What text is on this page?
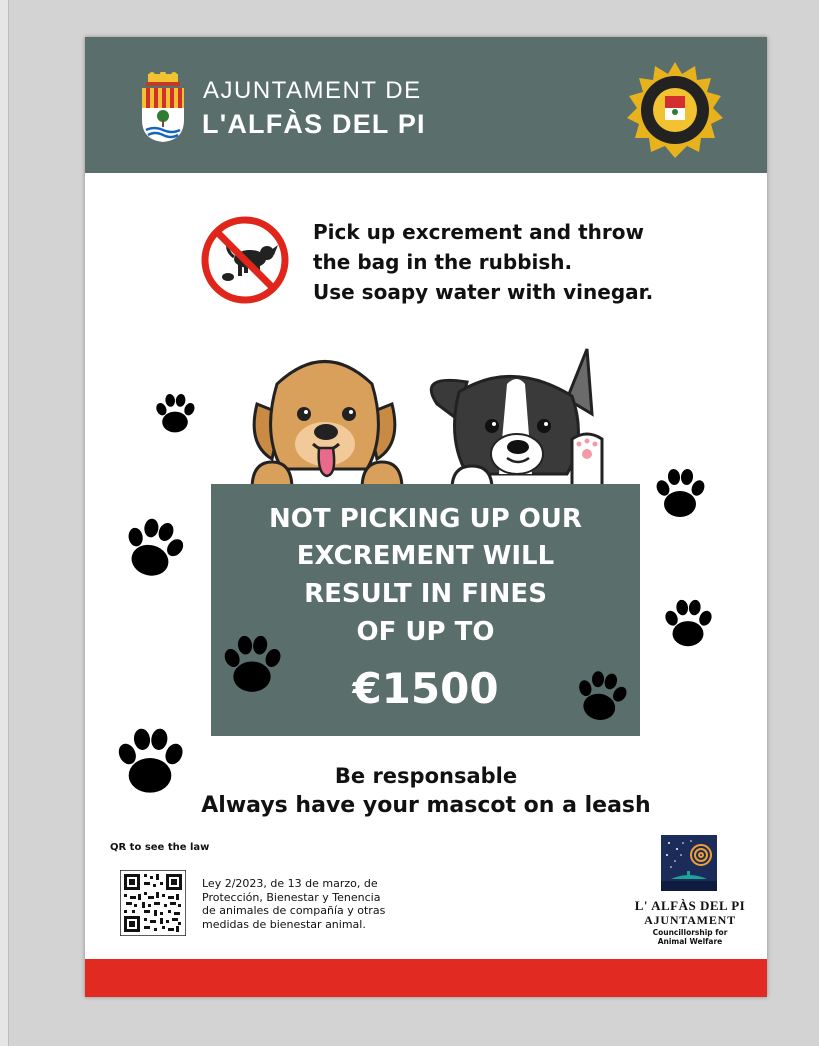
AJUNTAMENT DE
L'ALFÀS DEL PI
Pick up excrement and throw
the bag in the rubbish.
Use soapy water with vinegar.
NOT PICKING UP OUR
EXCREMENT WILL
RESULT IN FINES
OF UP TO
€1500
Be responsable
Always have your mascot on a leash
QR to see the law
Ley 2/2023, de 13 de marzo, de
Protección, Bienestar y Tenencia
de animales de compañía y otras
medidas de bienestar animal.
L' ALFÀS DEL PI
AJUNTAMENT
Councillorship for
Animal Welfare
